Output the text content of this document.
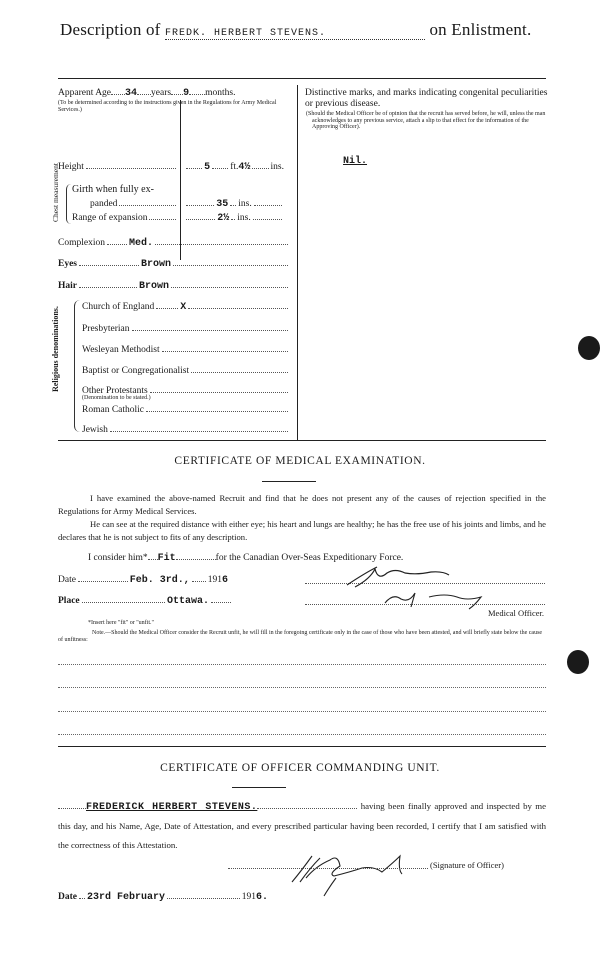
Description of FREDK. HERBERT STEVENS.	on Enlistment.
Apparent Age 34 years 9 months.
(To be determined according to the instructions given in the Regulations for Army Medical Services.)
Height	5 ft. 4½ ins.
Chest measurement Girth when fully ex-
panded	35 ins.
Range of expansion	2½ ins.
Complexion Med.
Eyes	Brown
Hair	Brown
Religious denominations. Church of England	X
Presbyterian
Wesleyan Methodist
Baptist or Congregationalist
Other Protestants
(Denomination to be stated.)
Roman Catholic
Jewish
Distinctive marks, and marks indicating congenital peculiarities or previous disease.
(Should the Medical Officer be of opinion that the recruit has served before, he will, unless the man acknowledges to any previous service, attach a slip to that effect for the information of the Approving Officer).
Nil.
CERTIFICATE OF MEDICAL EXAMINATION.
I have examined the above-named Recruit and find that he does not present any of the causes of rejection specified in the Regulations for Army Medical Services.
He can see at the required distance with either eye; his heart and lungs are healthy; he has the free use of his joints and limbs, and he declares that he is not subject to fits of any description.
I consider him* Fit	for the Canadian Over-Seas Expeditionary Force.
Date	Feb. 3rd., 191 6
Place	Ottawa.
Medical Officer.
*Insert here "fit" or "unfit."
Note.—Should the Medical Officer consider the Recruit unfit, he will fill in the foregoing certificate only in the case of those who have been attested, and will briefly state below the cause of unfitness:
CERTIFICATE OF OFFICER COMMANDING UNIT.
FREDERICK HERBERT STEVENS.	having been finally approved and inspected by me this day, and his Name, Age, Date of Attestation, and every prescribed particular having been recorded, I certify that I am satisfied with the correctness of this Attestation.
(Signature of Officer)
Date 23rd February	191 6.
